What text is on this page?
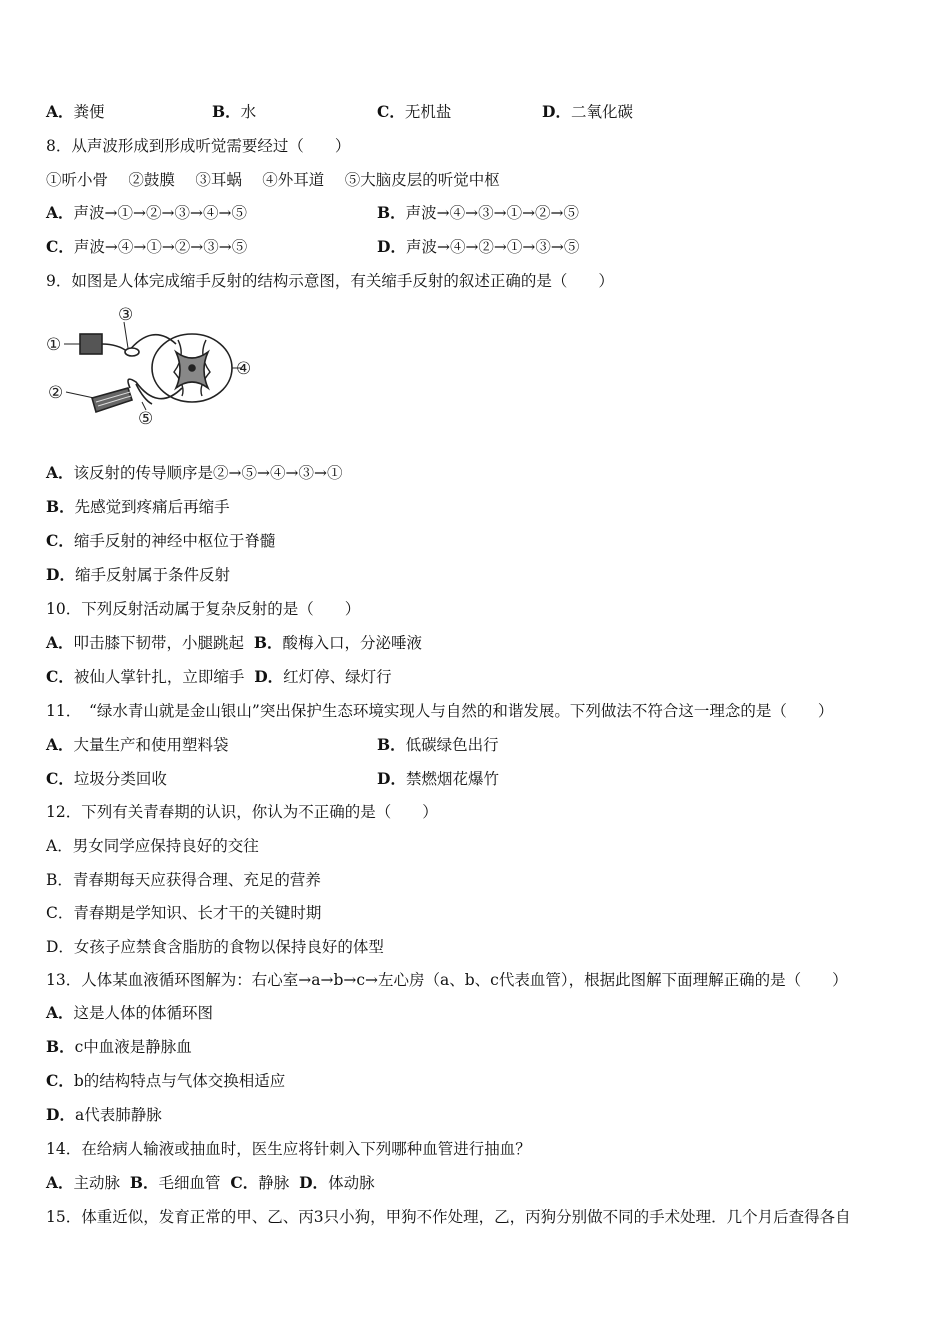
A．粪便	B．水	C．无机盐	D．二氧化碳
8．从声波形成到形成听觉需要经过（　　）
①听小骨　 ②鼓膜　 ③耳蜗　 ④外耳道　 ⑤大脑皮层的听觉中枢
A．声波→①→②→③→④→⑤	B．声波→④→③→①→②→⑤
C．声波→④→①→②→③→⑤	D．声波→④→②→①→③→⑤
9．如图是人体完成缩手反射的结构示意图，有关缩手反射的叙述正确的是（　　）
①
②
③
④
⑤
A．该反射的传导顺序是②→⑤→④→③→①
B．先感觉到疼痛后再缩手
C．缩手反射的神经中枢位于脊髓
D．缩手反射属于条件反射
10．下列反射活动属于复杂反射的是（　　）
A．叩击膝下韧带，小腿跳起 B．酸梅入口，分泌唾液
C．被仙人掌针扎，立即缩手 D．红灯停、绿灯行
11．　“绿水青山就是金山银山”突出保护生态环境实现人与自然的和谐发展。下列做法不符合这一理念的是（　　）
A．大量生产和使用塑料袋	B．低碳绿色出行
C．垃圾分类回收	D．禁燃烟花爆竹
12．下列有关青春期的认识，你认为不正确的是（　　）
A．男女同学应保持良好的交往
B．青春期每天应获得合理、充足的营养
C．青春期是学知识、长才干的关键时期
D．女孩子应禁食含脂肪的食物以保持良好的体型
13．人体某血液循环图解为：右心室→a→b→c→左心房（a、b、c代表血管），根据此图解下面理解正确的是（　　）
A．这是人体的体循环图
B．c中血液是静脉血
C．b的结构特点与气体交换相适应
D．a代表肺静脉
14．在给病人输液或抽血时，医生应将针刺入下列哪种血管进行抽血？
A．主动脉 B．毛细血管 C．静脉 D．体动脉
15．体重近似，发育正常的甲、乙、丙3只小狗，甲狗不作处理，乙，丙狗分别做不同的手术处理．几个月后查得各自
